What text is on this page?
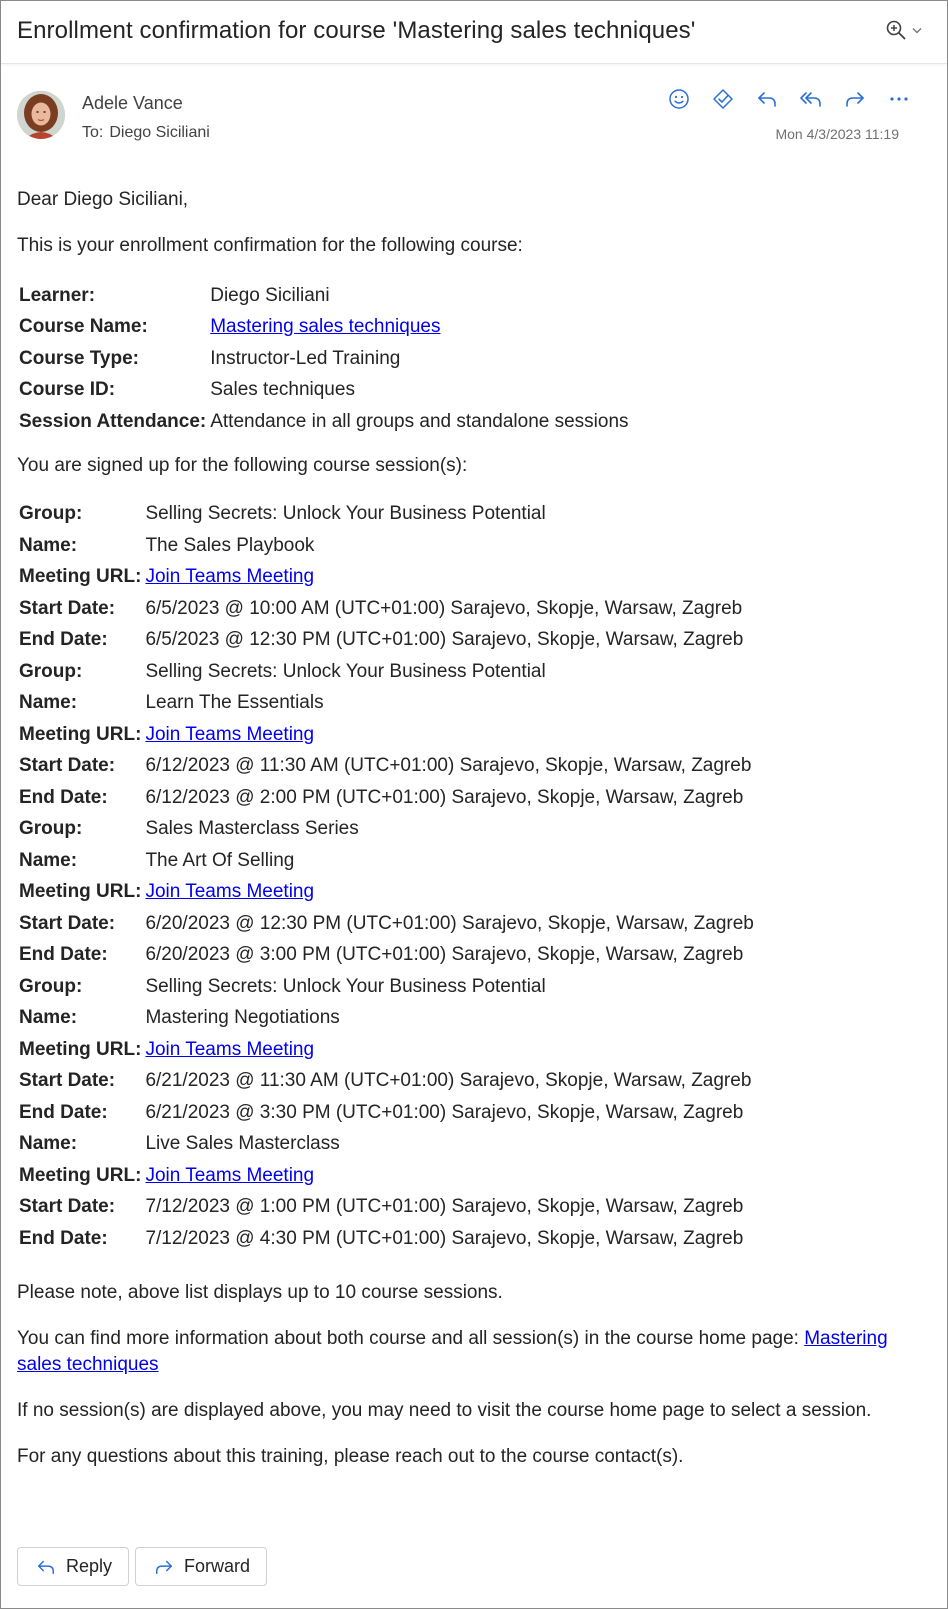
Enrollment confirmation for course 'Mastering sales techniques'
Adele Vance
To: Diego Siciliani	Mon 4/3/2023 11:19

Dear Diego Siciliani,

This is your enrollment confirmation for the following course:

Learner:	Diego Siciliani
Course Name:	Mastering sales techniques
Course Type:	Instructor-Led Training
Course ID:	Sales techniques
Session Attendance:	Attendance in all groups and standalone sessions

You are signed up for the following course session(s):

Group:	Selling Secrets: Unlock Your Business Potential
Name:	The Sales Playbook
Meeting URL:	Join Teams Meeting
Start Date:	6/5/2023 @ 10:00 AM (UTC+01:00) Sarajevo, Skopje, Warsaw, Zagreb
End Date:	6/5/2023 @ 12:30 PM (UTC+01:00) Sarajevo, Skopje, Warsaw, Zagreb
Group:	Selling Secrets: Unlock Your Business Potential
Name:	Learn The Essentials
Meeting URL:	Join Teams Meeting
Start Date:	6/12/2023 @ 11:30 AM (UTC+01:00) Sarajevo, Skopje, Warsaw, Zagreb
End Date:	6/12/2023 @ 2:00 PM (UTC+01:00) Sarajevo, Skopje, Warsaw, Zagreb
Group:	Sales Masterclass Series
Name:	The Art Of Selling
Meeting URL:	Join Teams Meeting
Start Date:	6/20/2023 @ 12:30 PM (UTC+01:00) Sarajevo, Skopje, Warsaw, Zagreb
End Date:	6/20/2023 @ 3:00 PM (UTC+01:00) Sarajevo, Skopje, Warsaw, Zagreb
Group:	Selling Secrets: Unlock Your Business Potential
Name:	Mastering Negotiations
Meeting URL:	Join Teams Meeting
Start Date:	6/21/2023 @ 11:30 AM (UTC+01:00) Sarajevo, Skopje, Warsaw, Zagreb
End Date:	6/21/2023 @ 3:30 PM (UTC+01:00) Sarajevo, Skopje, Warsaw, Zagreb
Name:	Live Sales Masterclass
Meeting URL:	Join Teams Meeting
Start Date:	7/12/2023 @ 1:00 PM (UTC+01:00) Sarajevo, Skopje, Warsaw, Zagreb
End Date:	7/12/2023 @ 4:30 PM (UTC+01:00) Sarajevo, Skopje, Warsaw, Zagreb

Please note, above list displays up to 10 course sessions.

You can find more information about both course and all session(s) in the course home page: Mastering sales techniques

If no session(s) are displayed above, you may need to visit the course home page to select a session.

For any questions about this training, please reach out to the course contact(s).

Reply	Forward
